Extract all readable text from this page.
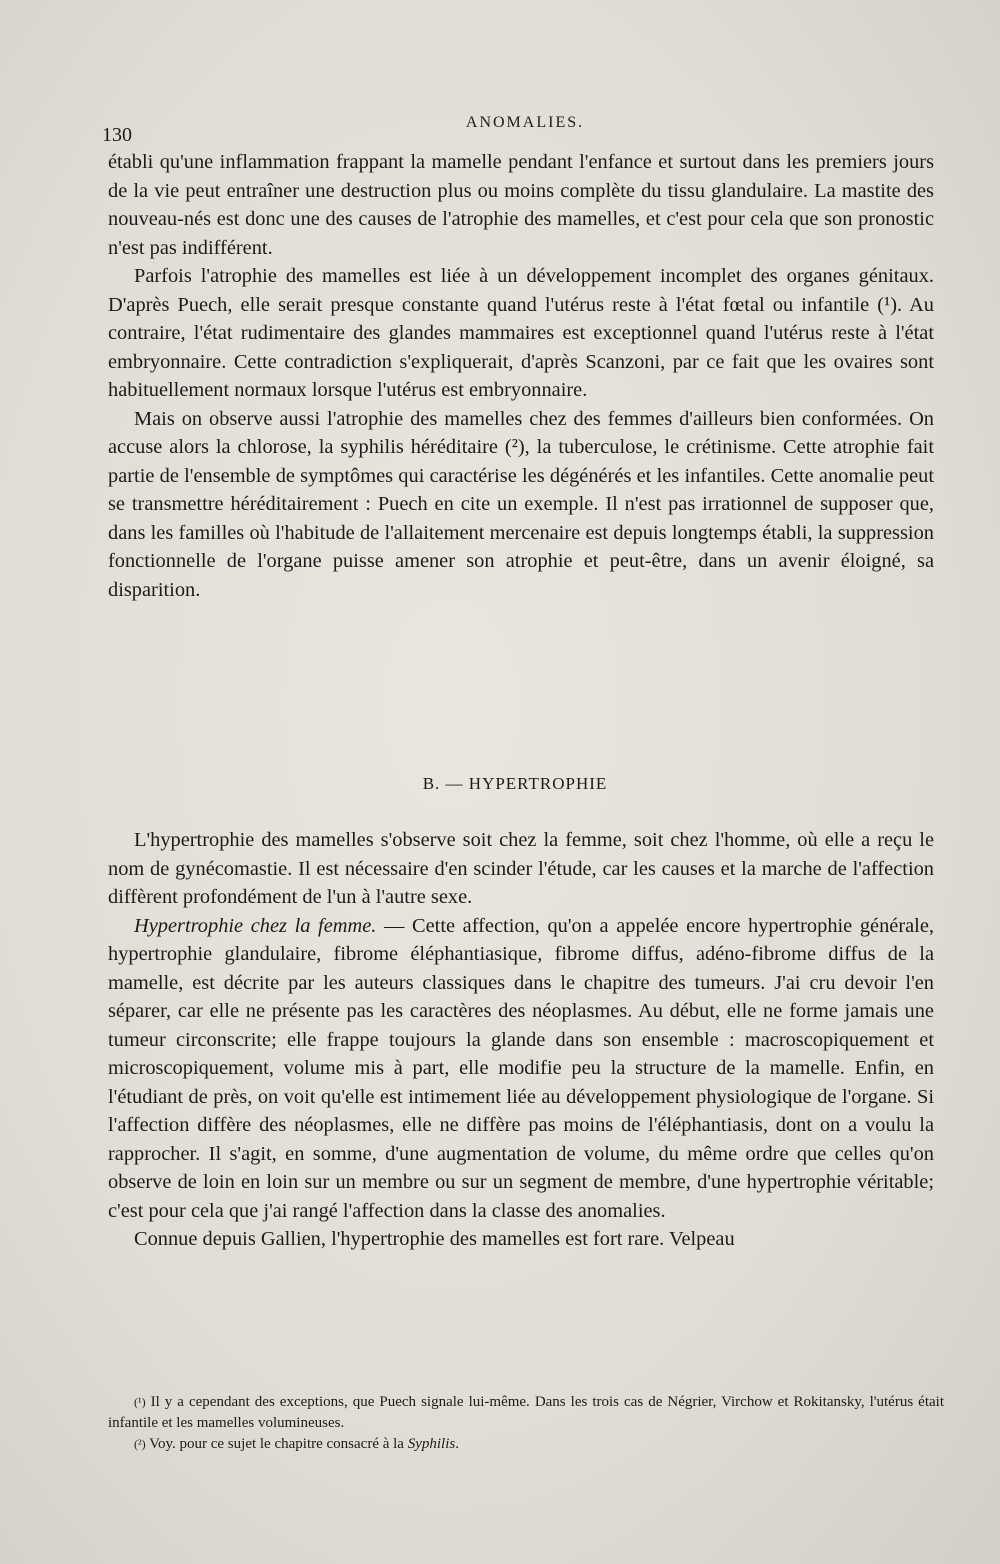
130
ANOMALIES.

établi qu'une inflammation frappant la mamelle pendant l'enfance et surtout dans les premiers jours de la vie peut entraîner une destruction plus ou moins complète du tissu glandulaire. La mastite des nouveau-nés est donc une des causes de l'atrophie des mamelles, et c'est pour cela que son pronostic n'est pas indifférent.

Parfois l'atrophie des mamelles est liée à un développement incomplet des organes génitaux. D'après Puech, elle serait presque constante quand l'utérus reste à l'état fœtal ou infantile (¹). Au contraire, l'état rudimentaire des glandes mammaires est exceptionnel quand l'utérus reste à l'état embryonnaire. Cette contradiction s'expliquerait, d'après Scanzoni, par ce fait que les ovaires sont habituellement normaux lorsque l'utérus est embryonnaire.

Mais on observe aussi l'atrophie des mamelles chez des femmes d'ailleurs bien conformées. On accuse alors la chlorose, la syphilis héréditaire (²), la tuberculose, le crétinisme. Cette atrophie fait partie de l'ensemble de symptômes qui caractérise les dégénérés et les infantiles. Cette anomalie peut se transmettre héréditairement : Puech en cite un exemple. Il n'est pas irrationnel de supposer que, dans les familles où l'habitude de l'allaitement mercenaire est depuis longtemps établi, la suppression fonctionnelle de l'organe puisse amener son atrophie et peut-être, dans un avenir éloigné, sa disparition.

B. — HYPERTROPHIE

L'hypertrophie des mamelles s'observe soit chez la femme, soit chez l'homme, où elle a reçu le nom de gynécomastie. Il est nécessaire d'en scinder l'étude, car les causes et la marche de l'affection diffèrent profondément de l'un à l'autre sexe.

Hypertrophie chez la femme. — Cette affection, qu'on a appelée encore hypertrophie générale, hypertrophie glandulaire, fibrome éléphantiasique, fibrome diffus, adéno-fibrome diffus de la mamelle, est décrite par les auteurs classiques dans le chapitre des tumeurs. J'ai cru devoir l'en séparer, car elle ne présente pas les caractères des néoplasmes. Au début, elle ne forme jamais une tumeur circonscrite; elle frappe toujours la glande dans son ensemble : macroscopiquement et microscopiquement, volume mis à part, elle modifie peu la structure de la mamelle. Enfin, en l'étudiant de près, on voit qu'elle est intimement liée au développement physiologique de l'organe. Si l'affection diffère des néoplasmes, elle ne diffère pas moins de l'éléphantiasis, dont on a voulu la rapprocher. Il s'agit, en somme, d'une augmentation de volume, du même ordre que celles qu'on observe de loin en loin sur un membre ou sur un segment de membre, d'une hypertrophie véritable; c'est pour cela que j'ai rangé l'affection dans la classe des anomalies.

Connue depuis Gallien, l'hypertrophie des mamelles est fort rare. Velpeau

(¹) Il y a cependant des exceptions, que Puech signale lui-même. Dans les trois cas de Négrier, Virchow et Rokitansky, l'utérus était infantile et les mamelles volumineuses.

(²) Voy. pour ce sujet le chapitre consacré à la Syphilis.
